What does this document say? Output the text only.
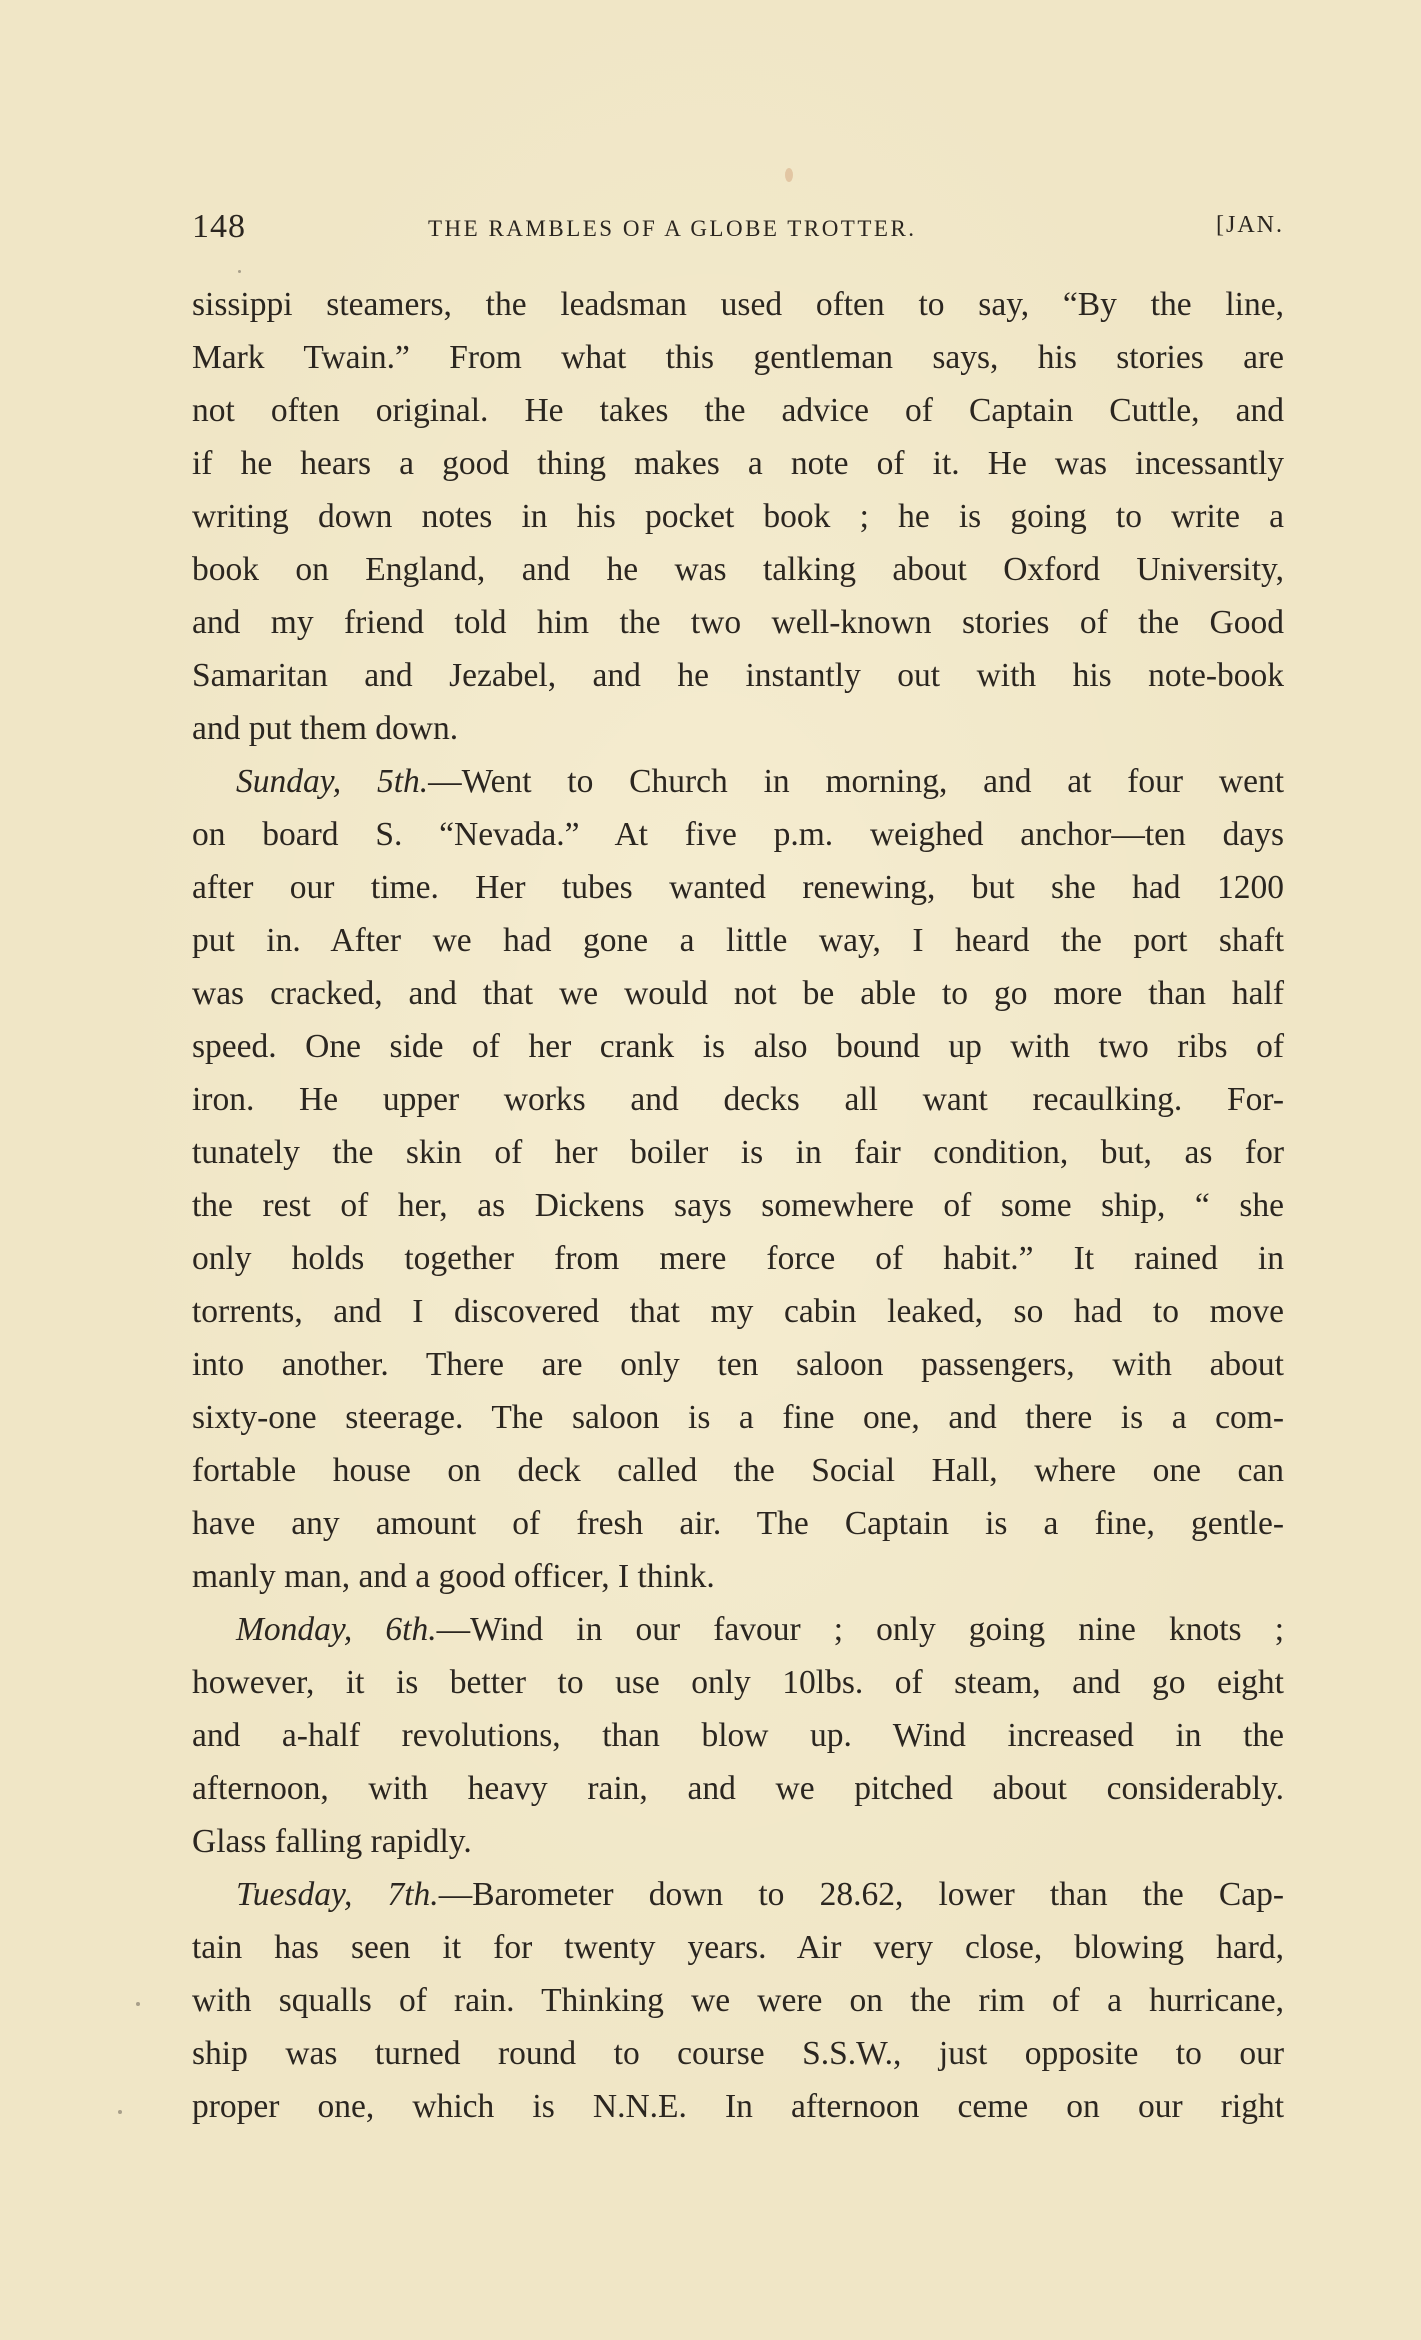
148	THE RAMBLES OF A GLOBE TROTTER.	[JAN.
sissippi steamers, the leadsman used often to say, “By the line,
Mark Twain.” From what this gentleman says, his stories are
not often original. He takes the advice of Captain Cuttle, and
if he hears a good thing makes a note of it. He was incessantly
writing down notes in his pocket book ; he is going to write a
book on England, and he was talking about Oxford University,
and my friend told him the two well-known stories of the Good
Samaritan and Jezabel, and he instantly out with his note-book
and put them down.
Sunday, 5th.—Went to Church in morning, and at four went
on board S. “Nevada.” At five p.m. weighed anchor—ten days
after our time. Her tubes wanted renewing, but she had 1200
put in. After we had gone a little way, I heard the port shaft
was cracked, and that we would not be able to go more than half
speed. One side of her crank is also bound up with two ribs of
iron. He upper works and decks all want recaulking. For-
tunately the skin of her boiler is in fair condition, but, as for
the rest of her, as Dickens says somewhere of some ship, “ she
only holds together from mere force of habit.” It rained in
torrents, and I discovered that my cabin leaked, so had to move
into another. There are only ten saloon passengers, with about
sixty-one steerage. The saloon is a fine one, and there is a com-
fortable house on deck called the Social Hall, where one can
have any amount of fresh air. The Captain is a fine, gentle-
manly man, and a good officer, I think.
Monday, 6th.—Wind in our favour ; only going nine knots ;
however, it is better to use only 10lbs. of steam, and go eight
and a-half revolutions, than blow up. Wind increased in the
afternoon, with heavy rain, and we pitched about considerably.
Glass falling rapidly.
Tuesday, 7th.—Barometer down to 28.62, lower than the Cap-
tain has seen it for twenty years. Air very close, blowing hard,
with squalls of rain. Thinking we were on the rim of a hurricane,
ship was turned round to course S.S.W., just opposite to our
proper one, which is N.N.E. In afternoon ceme on our right
